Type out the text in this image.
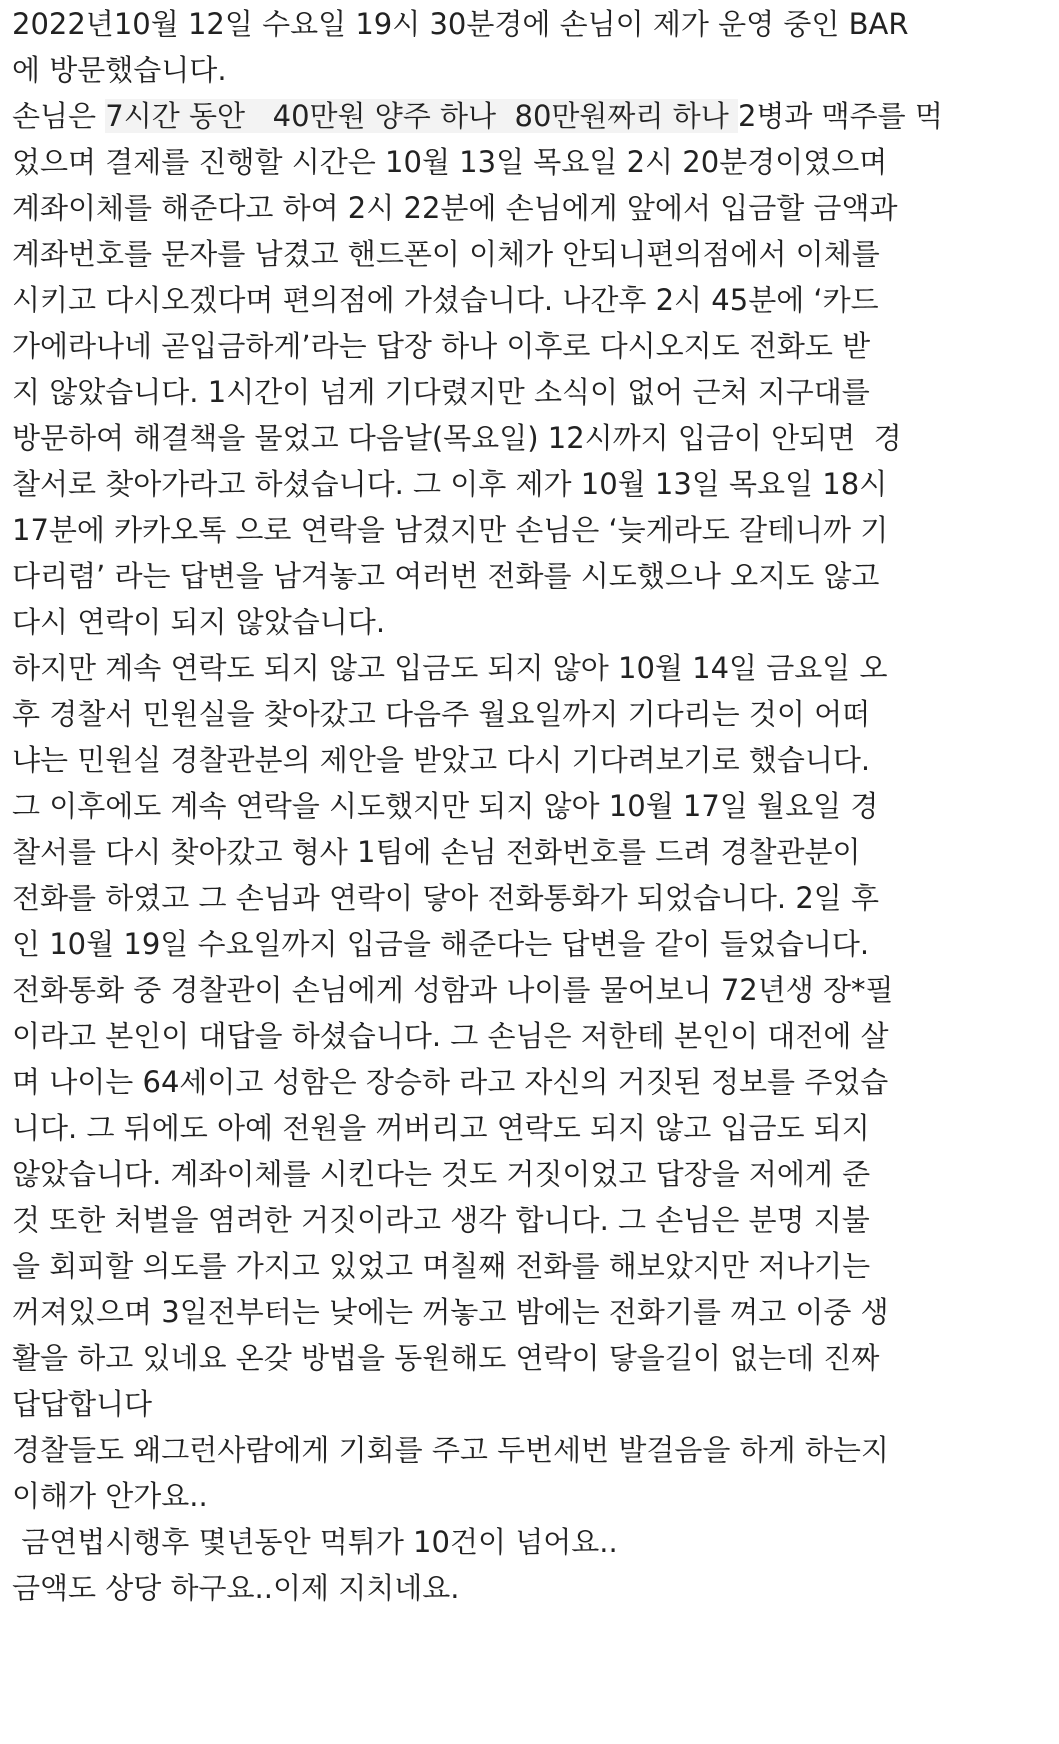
2022년10월 12일 수요일 19시 30분경에 손님이 제가 운영 중인 BAR
에 방문했습니다.
손님은 7시간 동안   40만원 양주 하나  80만원짜리 하나 2병과 맥주를 먹
었으며 결제를 진행할 시간은 10월 13일 목요일 2시 20분경이였으며
계좌이체를 해준다고 하여 2시 22분에 손님에게 앞에서 입금할 금액과
계좌번호를 문자를 남겼고 핸드폰이 이체가 안되니편의점에서 이체를
시키고 다시오겠다며 편의점에 가셨습니다. 나간후 2시 45분에 ‘카드
가에라나네 곧입금하게’라는 답장 하나 이후로 다시오지도 전화도 받
지 않았습니다. 1시간이 넘게 기다렸지만 소식이 없어 근처 지구대를
방문하여 해결책을 물었고 다음날(목요일) 12시까지 입금이 안되면  경
찰서로 찾아가라고 하셨습니다. 그 이후 제가 10월 13일 목요일 18시
17분에 카카오톡 으로 연락을 남겼지만 손님은 ‘늦게라도 갈테니까 기
다리렴’ 라는 답변을 남겨놓고 여러번 전화를 시도했으나 오지도 않고
다시 연락이 되지 않았습니다.
하지만 계속 연락도 되지 않고 입금도 되지 않아 10월 14일 금요일 오
후 경찰서 민원실을 찾아갔고 다음주 월요일까지 기다리는 것이 어떠
냐는 민원실 경찰관분의 제안을 받았고 다시 기다려보기로 했습니다.
그 이후에도 계속 연락을 시도했지만 되지 않아 10월 17일 월요일 경
찰서를 다시 찾아갔고 형사 1팀에 손님 전화번호를 드려 경찰관분이
전화를 하였고 그 손님과 연락이 닿아 전화통화가 되었습니다. 2일 후
인 10월 19일 수요일까지 입금을 해준다는 답변을 같이 들었습니다.
전화통화 중 경찰관이 손님에게 성함과 나이를 물어보니 72년생 장*필
이라고 본인이 대답을 하셨습니다. 그 손님은 저한테 본인이 대전에 살
며 나이는 64세이고 성함은 장승하 라고 자신의 거짓된 정보를 주었습
니다. 그 뒤에도 아예 전원을 꺼버리고 연락도 되지 않고 입금도 되지
않았습니다. 계좌이체를 시킨다는 것도 거짓이었고 답장을 저에게 준
것 또한 처벌을 염려한 거짓이라고 생각 합니다. 그 손님은 분명 지불
을 회피할 의도를 가지고 있었고 며칠째 전화를 해보았지만 저나기는
꺼져있으며 3일전부터는 낮에는 꺼놓고 밤에는 전화기를 껴고 이중 생
활을 하고 있네요 온갖 방법을 동원해도 연락이 닿을길이 없는데 진짜
답답합니다
경찰들도 왜그런사람에게 기회를 주고 두번세번 발걸음을 하게 하는지
이해가 안가요..
금연법시행후 몇년동안 먹튀가 10건이 넘어요..
금액도 상당 하구요..이제 지치네요.
